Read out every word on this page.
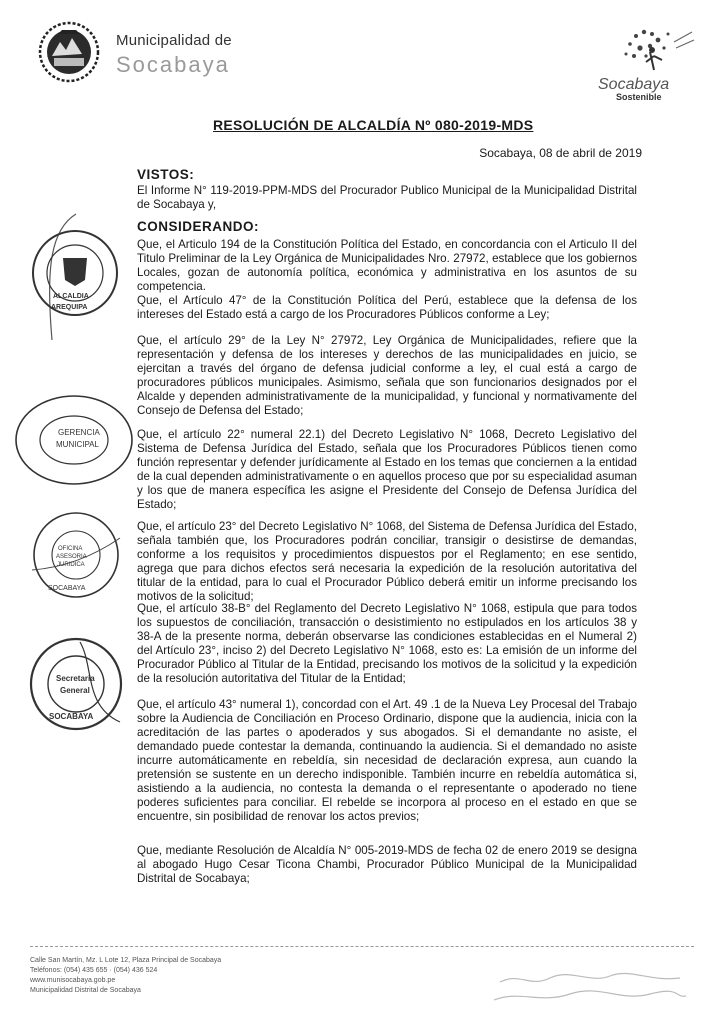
Municipalidad de
Socabaya
Socabaya
Sostenible
RESOLUCIÓN DE ALCALDÍA Nº 080-2019-MDS
Socabaya, 08 de abril de 2019
VISTOS:
El Informe N° 119-2019-PPM-MDS del Procurador Publico Municipal de la Municipalidad Distrital de Socabaya y,
CONSIDERANDO:
Que, el Articulo 194 de la Constitución Política del Estado, en concordancia con el Articulo II del Titulo Preliminar de la Ley Orgánica de Municipalidades Nro. 27972, establece que los gobiernos Locales, gozan de autonomía política, económica y administrativa en los asuntos de su competencia.
Que, el Artículo 47° de la Constitución Política del Perú, establece que la defensa de los intereses del Estado está a cargo de los Procuradores Públicos conforme a Ley;
Que, el artículo 29° de la Ley N° 27972, Ley Orgánica de Municipalidades, refiere que la representación y defensa de los intereses y derechos de las municipalidades en juicio, se ejercitan a través del órgano de defensa judicial conforme a ley, el cual está a cargo de procuradores públicos municipales. Asimismo, señala que son funcionarios designados por el Alcalde y dependen administrativamente de la municipalidad, y funcional y normativamente del Consejo de Defensa del Estado;
Que, el artículo 22° numeral 22.1) del Decreto Legislativo N° 1068, Decreto Legislativo del Sistema de Defensa Jurídica del Estado, señala que los Procuradores Públicos tienen como función representar y defender jurídicamente al Estado en los temas que conciernen a la entidad de la cual dependen administrativamente o en aquellos proceso que por su especialidad asuman y los que de manera específica les asigne el Presidente del Consejo de Defensa Jurídica del Estado;
Que, el artículo 23° del Decreto Legislativo N° 1068, del Sistema de Defensa Jurídica del Estado, señala también que, los Procuradores podrán conciliar, transigir o desistirse de demandas, conforme a los requisitos y procedimientos dispuestos por el Reglamento; en ese sentido, agrega que para dichos efectos será necesaria la expedición de la resolución autoritativa del titular de la entidad, para lo cual el Procurador Público deberá emitir un informe precisando los motivos de la solicitud;
Que, el artículo 38-B° del Reglamento del Decreto Legislativo N° 1068, estipula que para todos los supuestos de conciliación, transacción o desistimiento no estipulados en los artículos 38 y 38-A de la presente norma, deberán observarse las condiciones establecidas en el Numeral 2) del Artículo 23°, inciso 2) del Decreto Legislativo N° 1068, esto es: La emisión de un informe del Procurador Público al Titular de la Entidad, precisando los motivos de la solicitud y la expedición de la resolución autoritativa del Titular de la Entidad;
Que, el artículo 43° numeral 1), concordad con el Art. 49 .1 de la Nueva Ley Procesal del Trabajo sobre la Audiencia de Conciliación en Proceso Ordinario, dispone que la audiencia, inicia con la acreditación de las partes o apoderados y sus abogados. Si el demandante no asiste, el demandado puede contestar la demanda, continuando la audiencia. Si el demandado no asiste incurre automáticamente en rebeldía, sin necesidad de declaración expresa, aun cuando la pretensión se sustente en un derecho indisponible. También incurre en rebeldía automática si, asistiendo a la audiencia, no contesta la demanda o el representante o apoderado no tiene poderes suficientes para conciliar. El rebelde se incorpora al proceso en el estado en que se encuentre, sin posibilidad de renovar los actos previos;
Que, mediante Resolución de Alcaldía N° 005-2019-MDS de fecha 02 de enero 2019 se designa al abogado Hugo Cesar Ticona Chambi, Procurador Público Municipal de la Municipalidad Distrital de Socabaya;
ALCALDIA
AREQUIPA
GERENCIA
MUNICIPAL
OFICINA
ASESORIA
JURIDICA
SOCABAYA
Secretaria
General
SOCABAYA
Calle San Martín, Mz. L Lote 12, Plaza Principal de Socabaya
Teléfonos: (054) 435 655 · (054) 436 524
www.munisocabaya.gob.pe
Municipalidad Distrital de Socabaya
